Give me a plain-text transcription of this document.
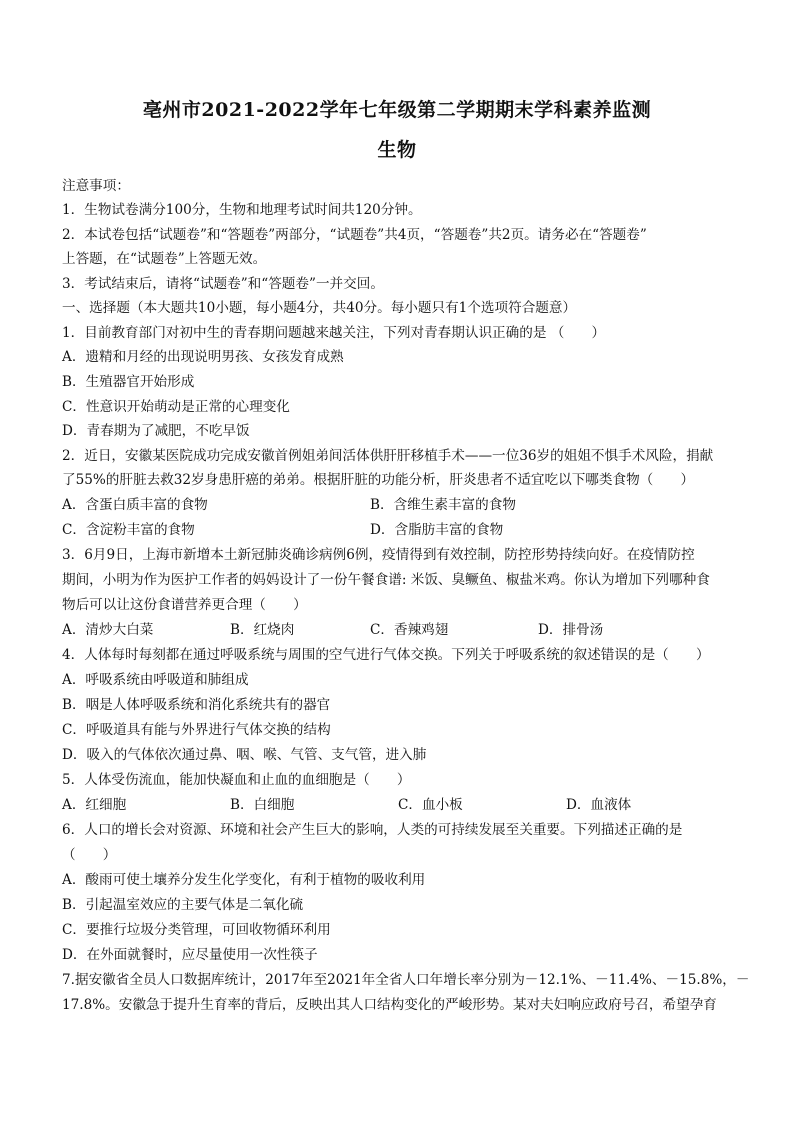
亳州市2021-2022学年七年级第二学期期末学科素养监测
生物
注意事项：
1．生物试卷满分100分，生物和地理考试时间共120分钟。
2．本试卷包括“试题卷”和“答题卷”两部分，“试题卷”共4页，“答题卷”共2页。请务必在“答题卷”
上答题，在“试题卷”上答题无效。
3．考试结束后，请将“试题卷”和“答题卷”一并交回。
一、选择题（本大题共10小题，每小题4分，共40分。每小题只有1个选项符合题意）
1．目前教育部门对初中生的青春期问题越来越关注，下列对青春期认识正确的是 （　　）
A．遗精和月经的出现说明男孩、女孩发育成熟
B．生殖器官开始形成
C．性意识开始萌动是正常的心理变化
D．青春期为了减肥，不吃早饭
2．近日，安徽某医院成功完成安徽首例姐弟间活体供肝肝移植手术——一位36岁的姐姐不惧手术风险，捐献
了55%的肝脏去救32岁身患肝癌的弟弟。根据肝脏的功能分析，肝炎患者不适宜吃以下哪类食物（　　）
A．含蛋白质丰富的食物	B．含维生素丰富的食物
C．含淀粉丰富的食物	D．含脂肪丰富的食物
3．6月9日，上海市新增本土新冠肺炎确诊病例6例，疫情得到有效控制，防控形势持续向好。在疫情防控
期间，小明为作为医护工作者的妈妈设计了一份午餐食谱: 米饭、臭鳜鱼、椒盐米鸡。你认为增加下列哪种食
物后可以让这份食谱营养更合理（　　）
A．清炒大白菜	B．红烧肉	C．香辣鸡翅	D．排骨汤
4．人体每时每刻都在通过呼吸系统与周围的空气进行气体交换。下列关于呼吸系统的叙述错误的是（　　）
A．呼吸系统由呼吸道和肺组成
B．咽是人体呼吸系统和消化系统共有的器官
C．呼吸道具有能与外界进行气体交换的结构
D．吸入的气体依次通过鼻、咽、喉、气管、支气管，进入肺
5．人体受伤流血，能加快凝血和止血的血细胞是（　　）
A．红细胞	B．白细胞	C．血小板	D．血液体
6．人口的增长会对资源、环境和社会产生巨大的影响，人类的可持续发展至关重要。下列描述正确的是
（　　）
A．酸雨可使土壤养分发生化学变化，有利于植物的吸收利用
B．引起温室效应的主要气体是二氧化硫
C．要推行垃圾分类管理，可回收物循环利用
D．在外面就餐时，应尽量使用一次性筷子
7.据安徽省全员人口数据库统计，2017年至2021年全省人口年增长率分别为－12.1%、－11.4%、－15.8%，－
17.8%。安徽急于提升生育率的背后，反映出其人口结构变化的严峻形势。某对夫妇响应政府号召，希望孕育
